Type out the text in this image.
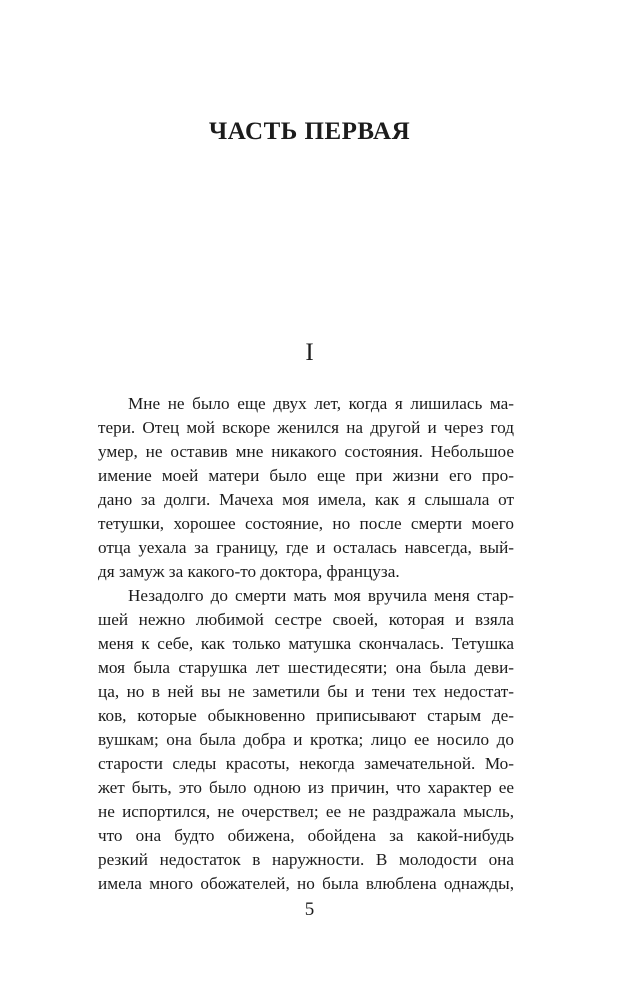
ЧАСТЬ ПЕРВАЯ
I
Мне не было еще двух лет, когда я лишилась ма-
тери. Отец мой вскоре женился на другой и через год
умер, не оставив мне никакого состояния. Небольшое
имение моей матери было еще при жизни его про-
дано за долги. Мачеха моя имела, как я слышала от
тетушки, хорошее состояние, но после смерти моего
отца уехала за границу, где и осталась навсегда, вый-
дя замуж за какого-то доктора, француза.
Незадолго до смерти мать моя вручила меня стар-
шей нежно любимой сестре своей, которая и взяла
меня к себе, как только матушка скончалась. Тетушка
моя была старушка лет шестидесяти; она была деви-
ца, но в ней вы не заметили бы и тени тех недостат-
ков, которые обыкновенно приписывают старым де-
вушкам; она была добра и кротка; лицо ее носило до
старости следы красоты, некогда замечательной. Мо-
жет быть, это было одною из причин, что характер ее
не испортился, не очерствел; ее не раздражала мысль,
что она будто обижена, обойдена за какой-нибудь
резкий недостаток в наружности. В молодости она
имела много обожателей, но была влюблена однажды,
5
